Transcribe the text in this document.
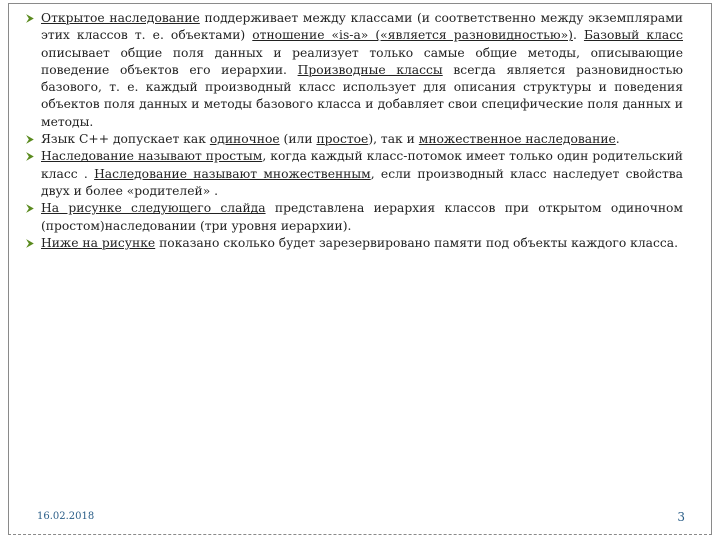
Открытое наследование поддерживает между классами (и соответственно между экземплярами этих классов т. е. объектами) отношение «is-a» («является разновидностью»). Базовый класс описывает общие поля данных и реализует только самые общие методы, описывающие поведение объектов его иерархии. Производные классы всегда является разновидностью базового, т. е. каждый производный класс использует для описания структуры и поведения объектов поля данных и методы базового класса и добавляет свои специфические поля данных и методы.
Язык С++ допускает как одиночное (или простое), так и множественное наследование.
Наследование называют простым, когда каждый класс-потомок имеет только один родительский класс . Наследование называют множественным, если производный класс наследует свойства двух и более «родителей» .
На рисунке следующего слайда представлена иерархия классов при открытом одиночном (простом)наследовании (три уровня иерархии).
Ниже на рисунке показано сколько будет зарезервировано памяти под объекты каждого класса.
16.02.2018	3
